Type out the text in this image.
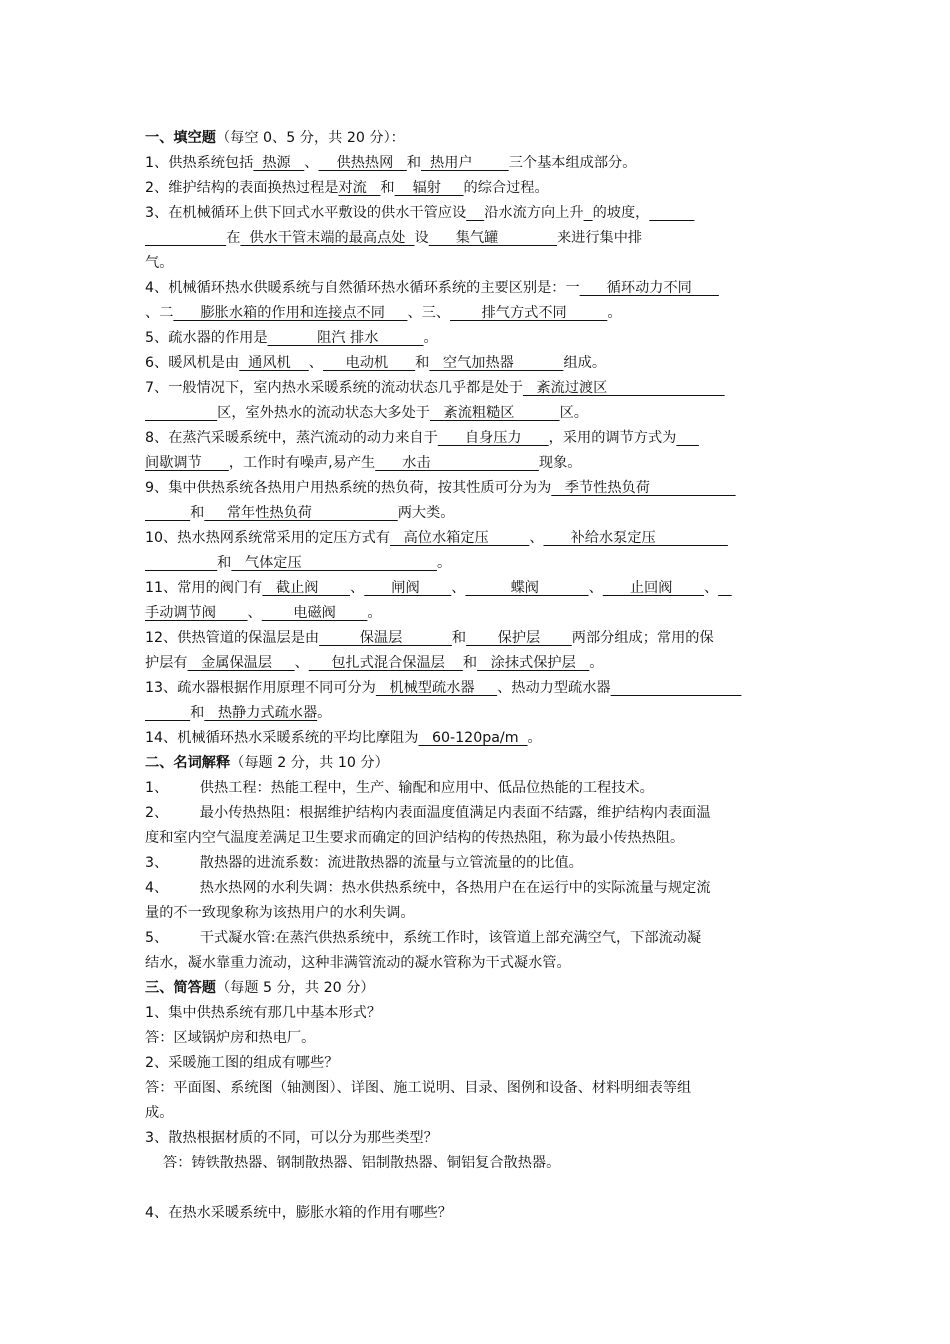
一、填空题（每空 0、5 分，共 20 分）：
1、供热系统包括  热源   、    供热热网   和  热用户        三个基本组成部分。
2、维护结构的表面换热过程是对流   和    辐射     的综合过程。
3、在机械循环上供下回式水平敷设的供水干管应设 沿水流方向上升 的坡度，
在  供水干管末端的最高点处  设      集气罐             来进行集中排
气。
4、机械循环热水供暖系统与自然循环热水循环系统的主要区别是：一      循环动力不同
、二      膨胀水箱的作用和连接点不同     、三、       排气方式不同         。
5、疏水器的作用是           阻汽 排水          。
6、暖风机是由  通风机    、     电动机      和   空气加热器           组成。
7、一般情况下，室内热水采暖系统的流动状态几乎都是处于   紊流过渡区
区，室外热水的流动状态大多处于   紊流粗糙区          区。
8、在蒸汽采暖系统中，蒸汽流动的动力来自于      自身压力      ，采用的调节方式为
间歇调节      ，工作时有噪声,易产生      水击                        现象。
9、集中供热系统各热用户用热系统的热负荷，按其性质可分为为   季节性热负荷
和     常年性热负荷                   两大类。
10、热水热网系统常采用的定压方式有   高位水箱定压         、      补给水泵定压
和   气体定压                              。
11、常用的阀门有   截止阀       、      闸阀       、          蝶阀           、      止回阀       、
手动调节阀       、       电磁阀       。
12、供热管道的保温层是由         保温层           和       保护层       两部分组成；常用的保
护层有   金属保温层     、     包扎式混合保温层    和   涂抹式保护层   。
13、疏水器根据作用原理不同可分为   机械型疏水器     、热动力型疏水器
和   热静力式疏水器。
14、机械循环热水采暖系统的平均比摩阻为   60-120pa/m  。
二、名词解释（每题 2 分，共 10 分）
1、       供热工程：热能工程中，生产、输配和应用中、低品位热能的工程技术。
2、       最小传热热阻：根据维护结构内表面温度值满足内表面不结露，维护结构内表面温
度和室内空气温度差满足卫生要求而确定的回沪结构的传热热阻，称为最小传热热阻。
3、       散热器的进流系数：流进散热器的流量与立管流量的的比值。
4、       热水热网的水利失调：热水供热系统中，各热用户在在运行中的实际流量与规定流
量的不一致现象称为该热用户的水利失调。
5、       干式凝水管:在蒸汽供热系统中，系统工作时，该管道上部充满空气，下部流动凝
结水，凝水靠重力流动，这种非满管流动的凝水管称为干式凝水管。
三、简答题（每题 5 分，共 20 分）
1、集中供热系统有那几中基本形式？
答：区域锅炉房和热电厂。
2、采暖施工图的组成有哪些？
答：平面图、系统图（轴测图）、详图、施工说明、目录、图例和设备、材料明细表等组
成。
3、散热根据材质的不同，可以分为那些类型？
答：铸铁散热器、钢制散热器、铝制散热器、铜铝复合散热器。
4、在热水采暖系统中，膨胀水箱的作用有哪些？
